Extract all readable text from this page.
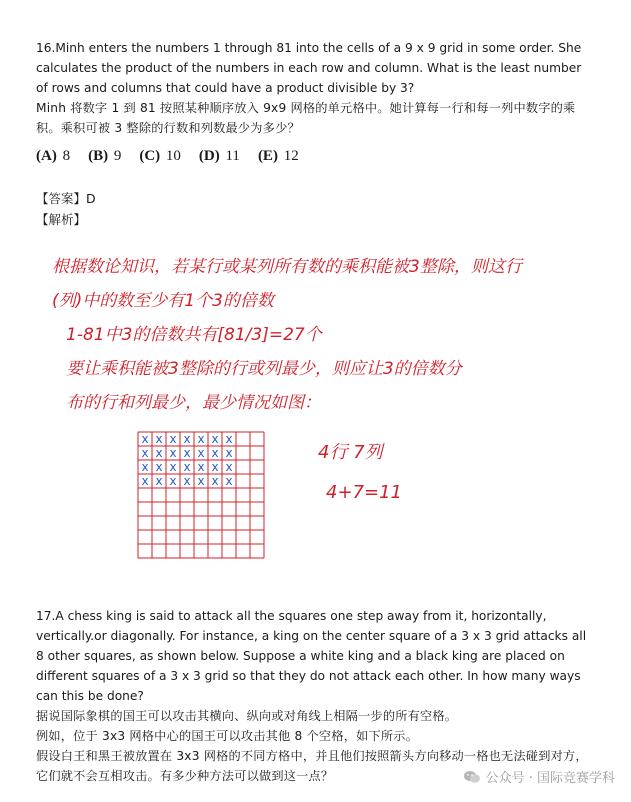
16.Minh enters the numbers 1 through 81 into the cells of a 9 x 9 grid in some order. She calculates the product of the numbers in each row and column. What is the least number of rows and columns that could have a product divisible by 3?

Minh 将数字 1 到 81 按照某种顺序放入 9x9 网格的单元格中。她计算每一行和每一列中数字的乘积。乘积可被 3 整除的行数和列数最少为多少？

(A) 8 (B) 9 (C) 10 (D) 11 (E) 12
【答案】D
【解析】
根据数论知识，若某行或某列所有数的乘积能被3整除，则这行
(列)中的数至少有1个3的倍数
1-81中3的倍数共有[81/3]=27个
要让乘积能被3整除的行或列最少，则应让3的倍数分
布的行和列最少，最少情况如图：
x x x x x x x
x x x x x x x
x x x x x x x
x x x x x x x
4行 7列
4+7=11

17.A chess king is said to attack all the squares one step away from it, horizontally, vertically.or diagonally. For instance, a king on the center square of a 3 x 3 grid attacks all 8 other squares, as shown below. Suppose a white king and a black king are placed on different squares of a 3 x 3 grid so that they do not attack each other. In how many ways can this be done?

据说国际象棋的国王可以攻击其横向、纵向或对角线上相隔一步的所有空格。

例如，位于 3x3 网格中心的国王可以攻击其他 8 个空格，如下所示。

假设白王和黑王被放置在 3x3 网格的不同方格中，并且他们按照箭头方向移动一格也无法碰到对方，它们就不会互相攻击。有多少种方法可以做到这一点？	公众号 · 国际竞赛学科
